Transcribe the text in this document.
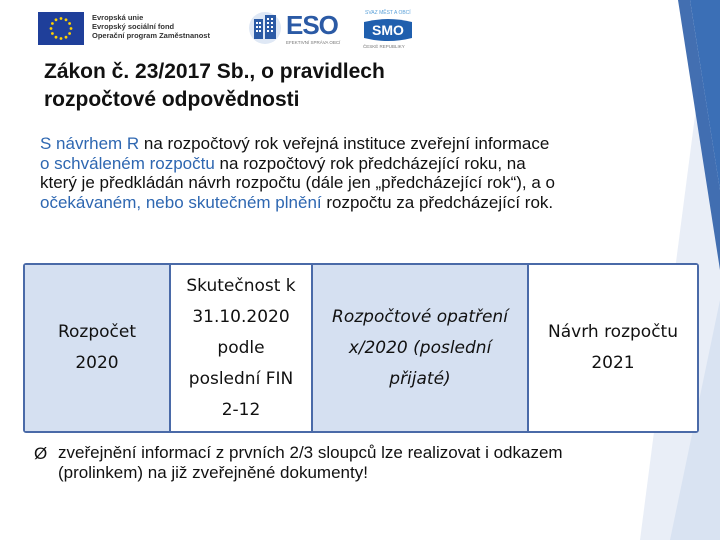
Evropská unie
Evropský sociální fond
Operační program Zaměstnanost	ESO
EFEKTIVNÍ SPRÁVA OBCÍ
SVAZ MĚST A OBCÍ
SMO
ČESKÉ REPUBLIKY
Zákon č. 23/2017 Sb., o pravidlech
rozpočtové odpovědnosti
S návrhem R na rozpočtový rok veřejná instituce zveřejní informace o schváleném rozpočtu na rozpočtový rok předcházející roku, na který je předkládán návrh rozpočtu (dále jen „předcházející rok“), a o očekávaném, nebo skutečném plnění rozpočtu za předcházející rok.
Rozpočet
2020
Skutečnost k
31.10.2020
podle
poslední FIN
2-12
Rozpočtové opatření
x/2020 (poslední
přijaté)
Návrh rozpočtu
2021
Ø zveřejnění informací z prvních 2/3 sloupců lze realizovat i odkazem (prolinkem) na již zveřejněné dokumenty!
